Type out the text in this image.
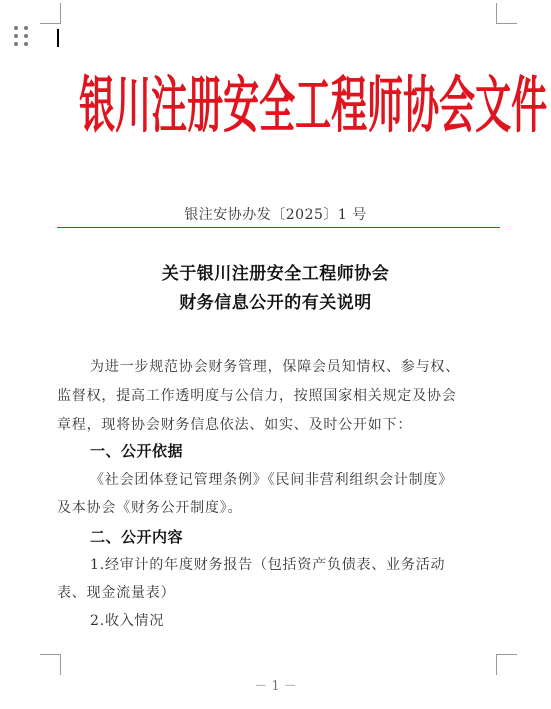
银川注册安全工程师协会文件
银注安协办发〔2025〕1 号
关于银川注册安全工程师协会
财务信息公开的有关说明
为进一步规范协会财务管理，保障会员知情权、参与权、
监督权，提高工作透明度与公信力，按照国家相关规定及协会
章程，现将协会财务信息依法、如实、及时公开如下：
一、公开依据
《社会团体登记管理条例》《民间非营利组织会计制度》
及本协会《财务公开制度》。
二、公开内容
1.经审计的年度财务报告（包括资产负债表、业务活动
表、现金流量表）
2.收入情况
－ 1 －
